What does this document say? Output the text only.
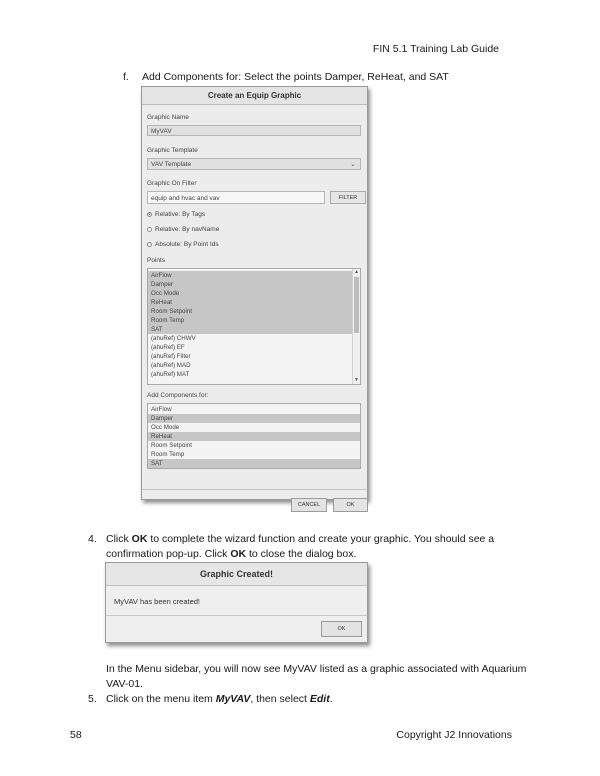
FIN 5.1 Training Lab Guide
f. Add Components for: Select the points Damper, ReHeat, and SAT
Create an Equip Graphic
Graphic Name
MyVAV
Graphic Template
VAV Template	⌄
Graphic On Filter
equip and hvac and vav	FILTER
Relative: By Tags
Relative: By navName
Absolute: By Point Ids
Points
AirFlow
Damper
Occ Mode
ReHeat
Room Setpoint
Room Temp
SAT
(ahuRef) CHWV
(ahuRef) EF
(ahuRef) Filter
(ahuRef) MAD
(ahuRef) MAT
▲
▼
Add Components for:
AirFlow
Damper
Occ Mode
ReHeat
Room Setpoint
Room Temp
SAT
CANCEL	OK
4. Click OK to complete the wizard function and create your graphic. You should see a
confirmation pop-up. Click OK to close the dialog box.
Graphic Created!
MyVAV has been created!
OK
In the Menu sidebar, you will now see MyVAV listed as a graphic associated with Aquarium
VAV-01.
5. Click on the menu item MyVAV, then select Edit.
58	Copyright J2 Innovations
